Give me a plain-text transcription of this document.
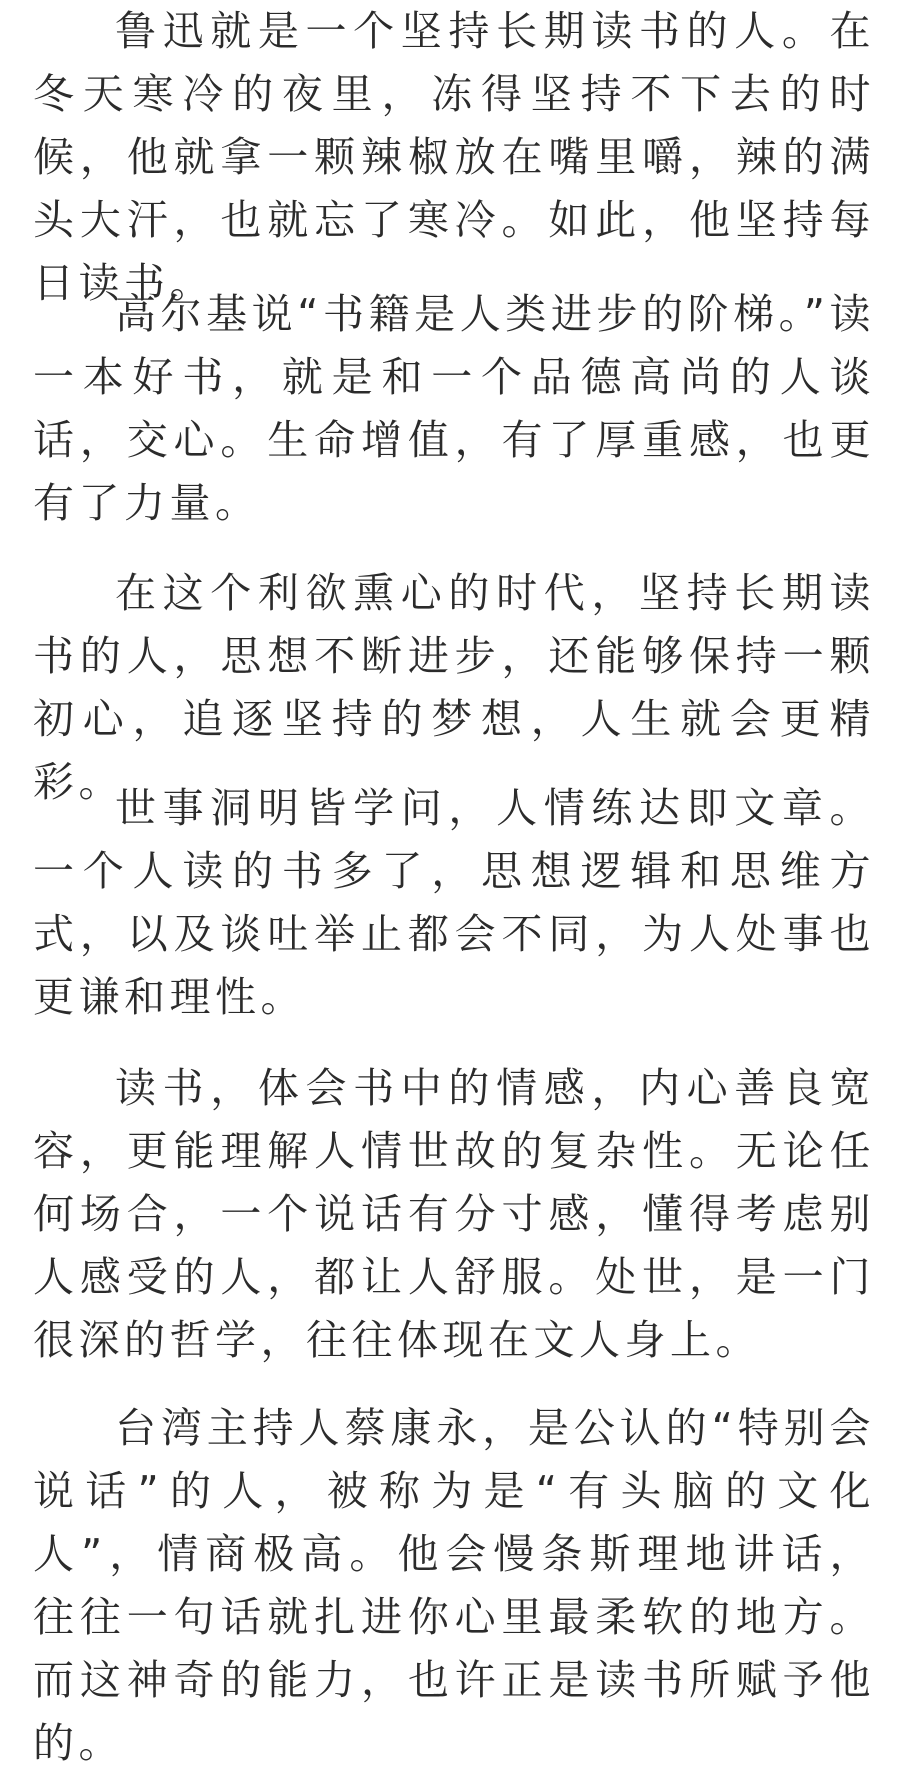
鲁迅就是一个坚持长期读书的人。在冬天寒冷的夜里，冻得坚持不下去的时候，他就拿一颗辣椒放在嘴里嚼，辣的满头大汗，也就忘了寒冷。如此，他坚持每日读书。

高尔基说“书籍是人类进步的阶梯。”读一本好书，就是和一个品德高尚的人谈话，交心。生命增值，有了厚重感，也更有了力量。

在这个利欲熏心的时代，坚持长期读书的人，思想不断进步，还能够保持一颗初心，追逐坚持的梦想，人生就会更精彩。

世事洞明皆学问，人情练达即文章。一个人读的书多了，思想逻辑和思维方式，以及谈吐举止都会不同，为人处事也更谦和理性。

读书，体会书中的情感，内心善良宽容，更能理解人情世故的复杂性。无论任何场合，一个说话有分寸感，懂得考虑别人感受的人，都让人舒服。处世，是一门很深的哲学，往往体现在文人身上。

台湾主持人蔡康永，是公认的“特别会说话”的人，被称为是“有头脑的文化人”，情商极高。他会慢条斯理地讲话，往往一句话就扎进你心里最柔软的地方。而这神奇的能力，也许正是读书所赋予他的。
